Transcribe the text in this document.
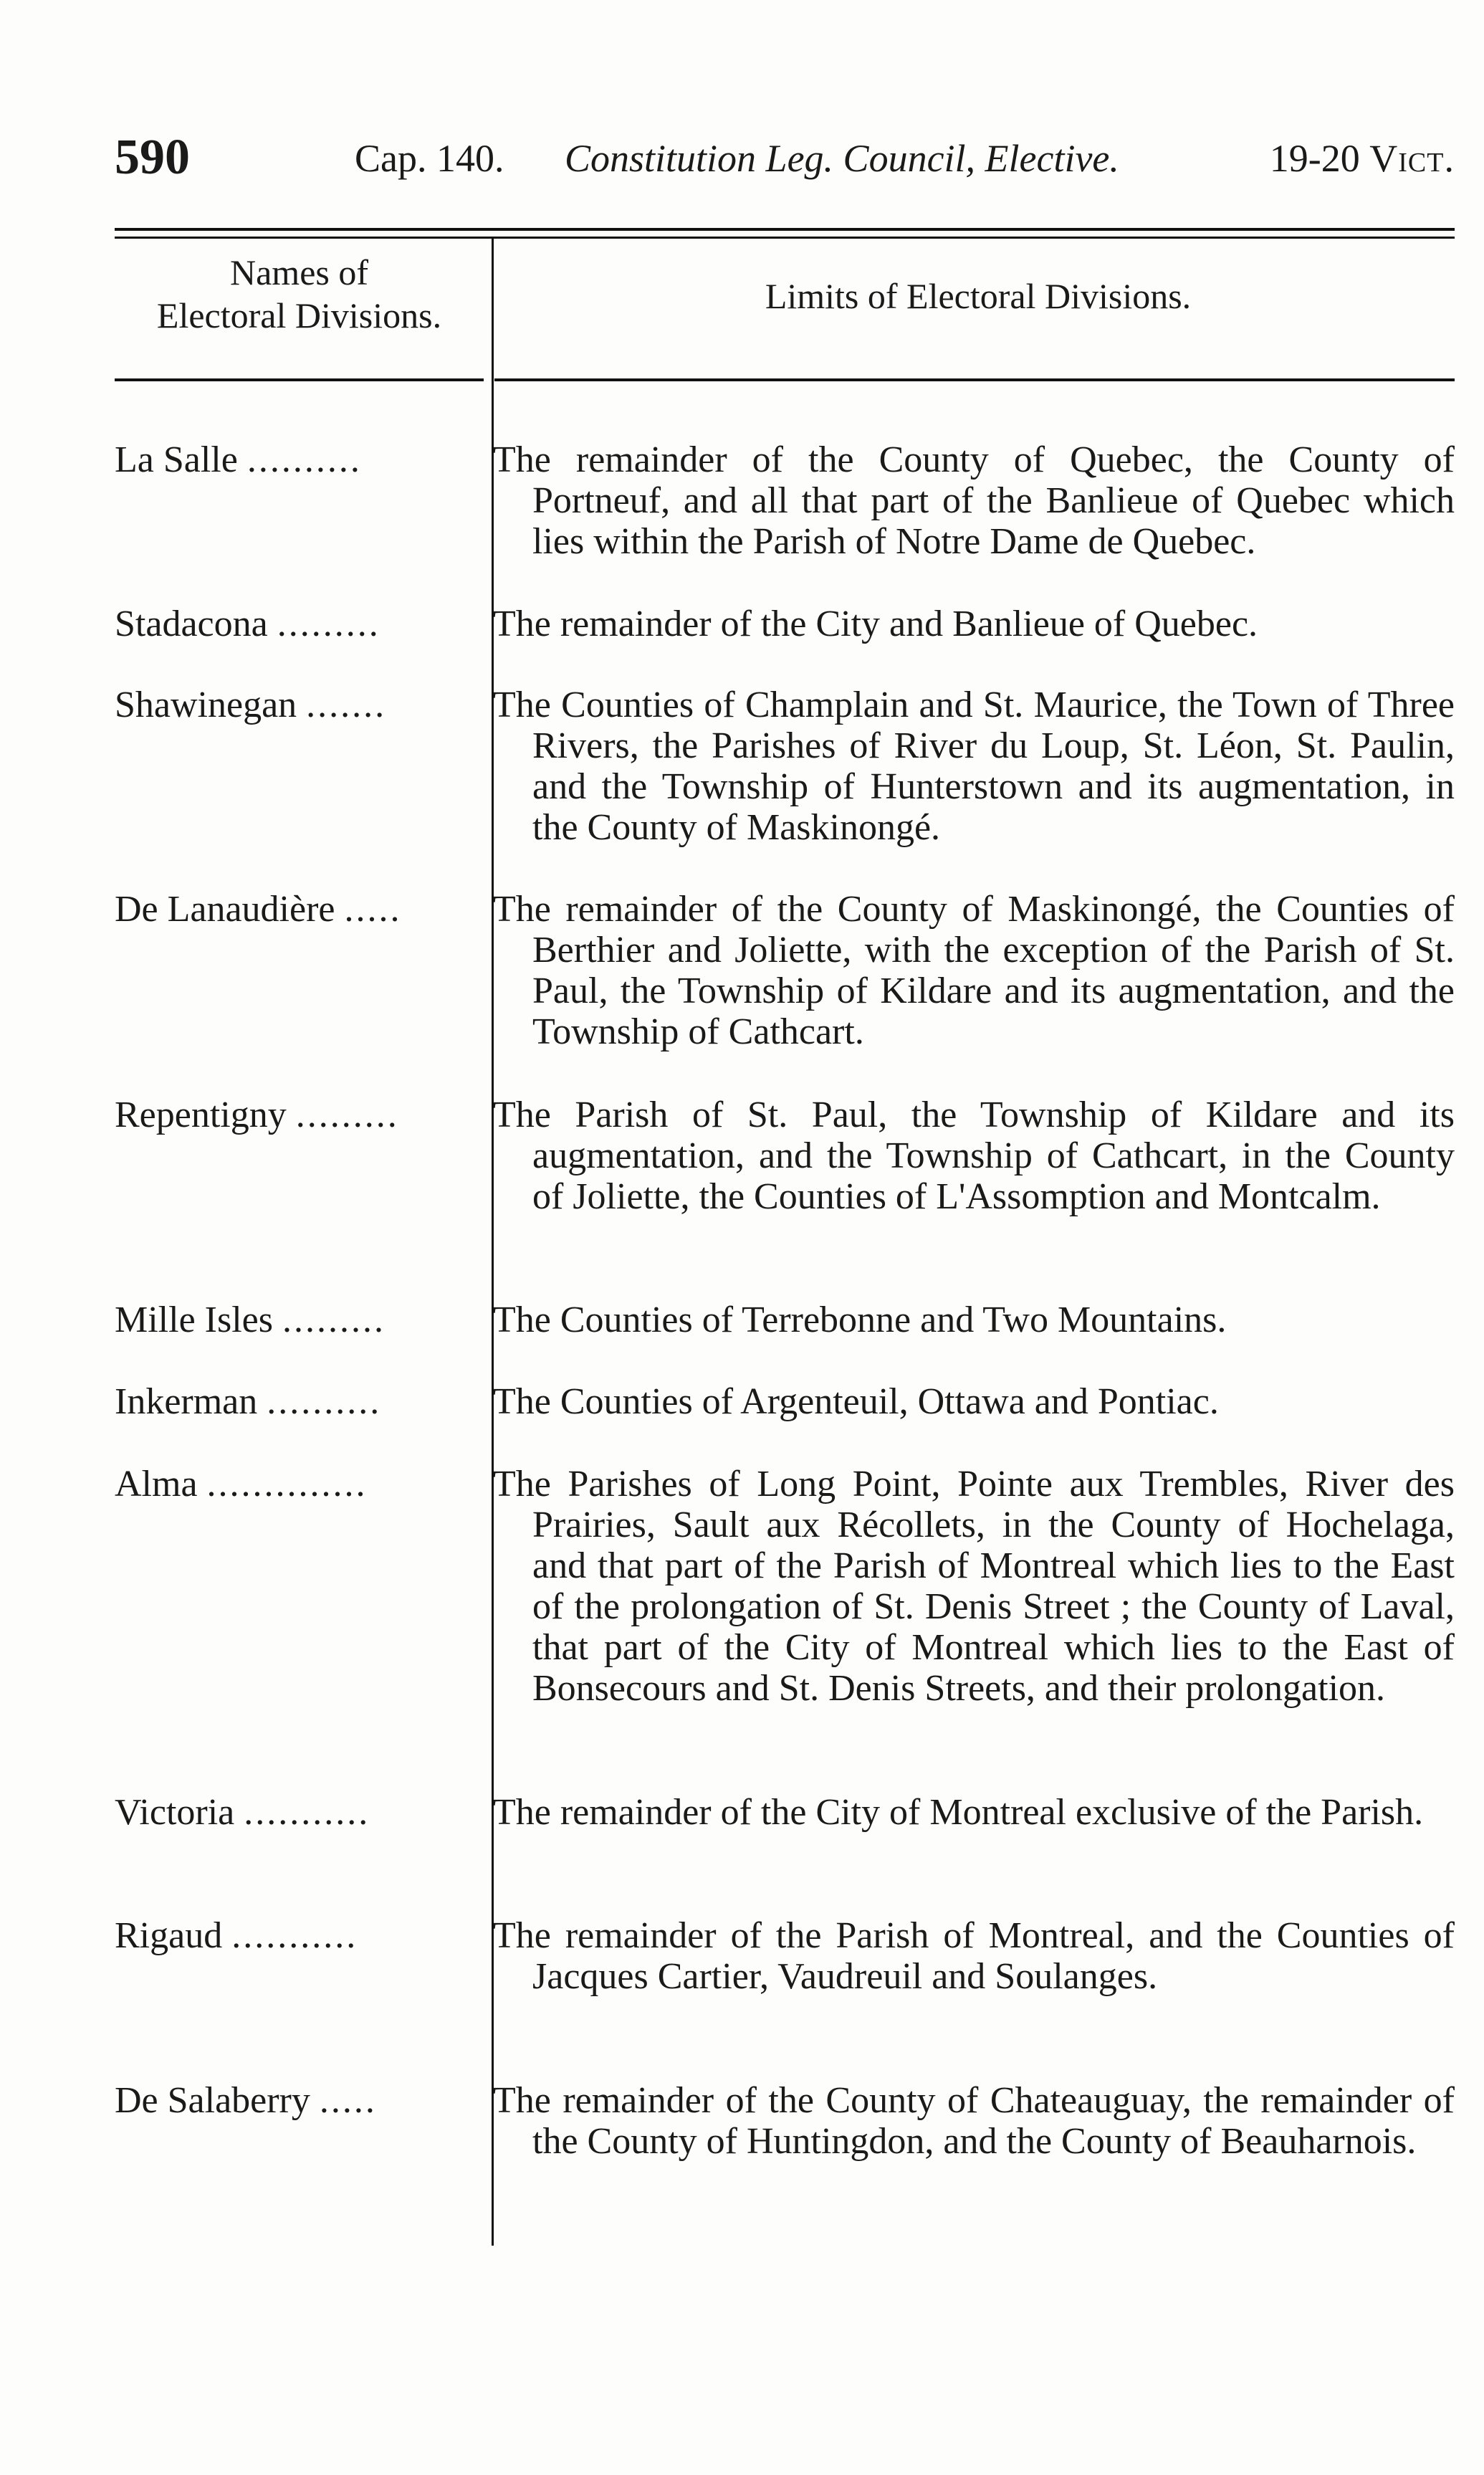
590	Cap. 140. Constitution Leg. Council, Elective.	19-20 Vict.
Names of
Electoral Divisions.	Limits of Electoral Divisions.
La Salle ..........	The remainder of the County of Quebec, the County of Portneuf, and all that part of the Banlieue of Quebec which lies within the Parish of Notre Dame de Quebec.
Stadacona .........	The remainder of the City and Banlieue of Quebec.
Shawinegan .......	The Counties of Champlain and St. Maurice, the Town of Three Rivers, the Parishes of River du Loup, St. Léon, St. Paulin, and the Township of Hunterstown and its augmentation, in the County of Maskinongé.
De Lanaudière .....	The remainder of the County of Maskinongé, the Counties of Berthier and Joliette, with the exception of the Parish of St. Paul, the Township of Kildare and its augmentation, and the Township of Cathcart.
Repentigny .........	The Parish of St. Paul, the Township of Kildare and its augmentation, and the Township of Cathcart, in the County of Joliette, the Counties of L'Assomption and Montcalm.
Mille Isles .........	The Counties of Terrebonne and Two Mountains.
Inkerman ..........	The Counties of Argenteuil, Ottawa and Pontiac.
Alma ..............	The Parishes of Long Point, Pointe aux Trembles, River des Prairies, Sault aux Récollets, in the County of Hochelaga, and that part of the Parish of Montreal which lies to the East of the prolongation of St. Denis Street ; the County of Laval, that part of the City of Montreal which lies to the East of Bonsecours and St. Denis Streets, and their prolongation.
Victoria ...........	The remainder of the City of Montreal exclusive of the Parish.
Rigaud ...........	The remainder of the Parish of Montreal, and the Counties of Jacques Cartier, Vaudreuil and Soulanges.
De Salaberry .....	The remainder of the County of Chateauguay, the remainder of the County of Huntingdon, and the County of Beauharnois.
